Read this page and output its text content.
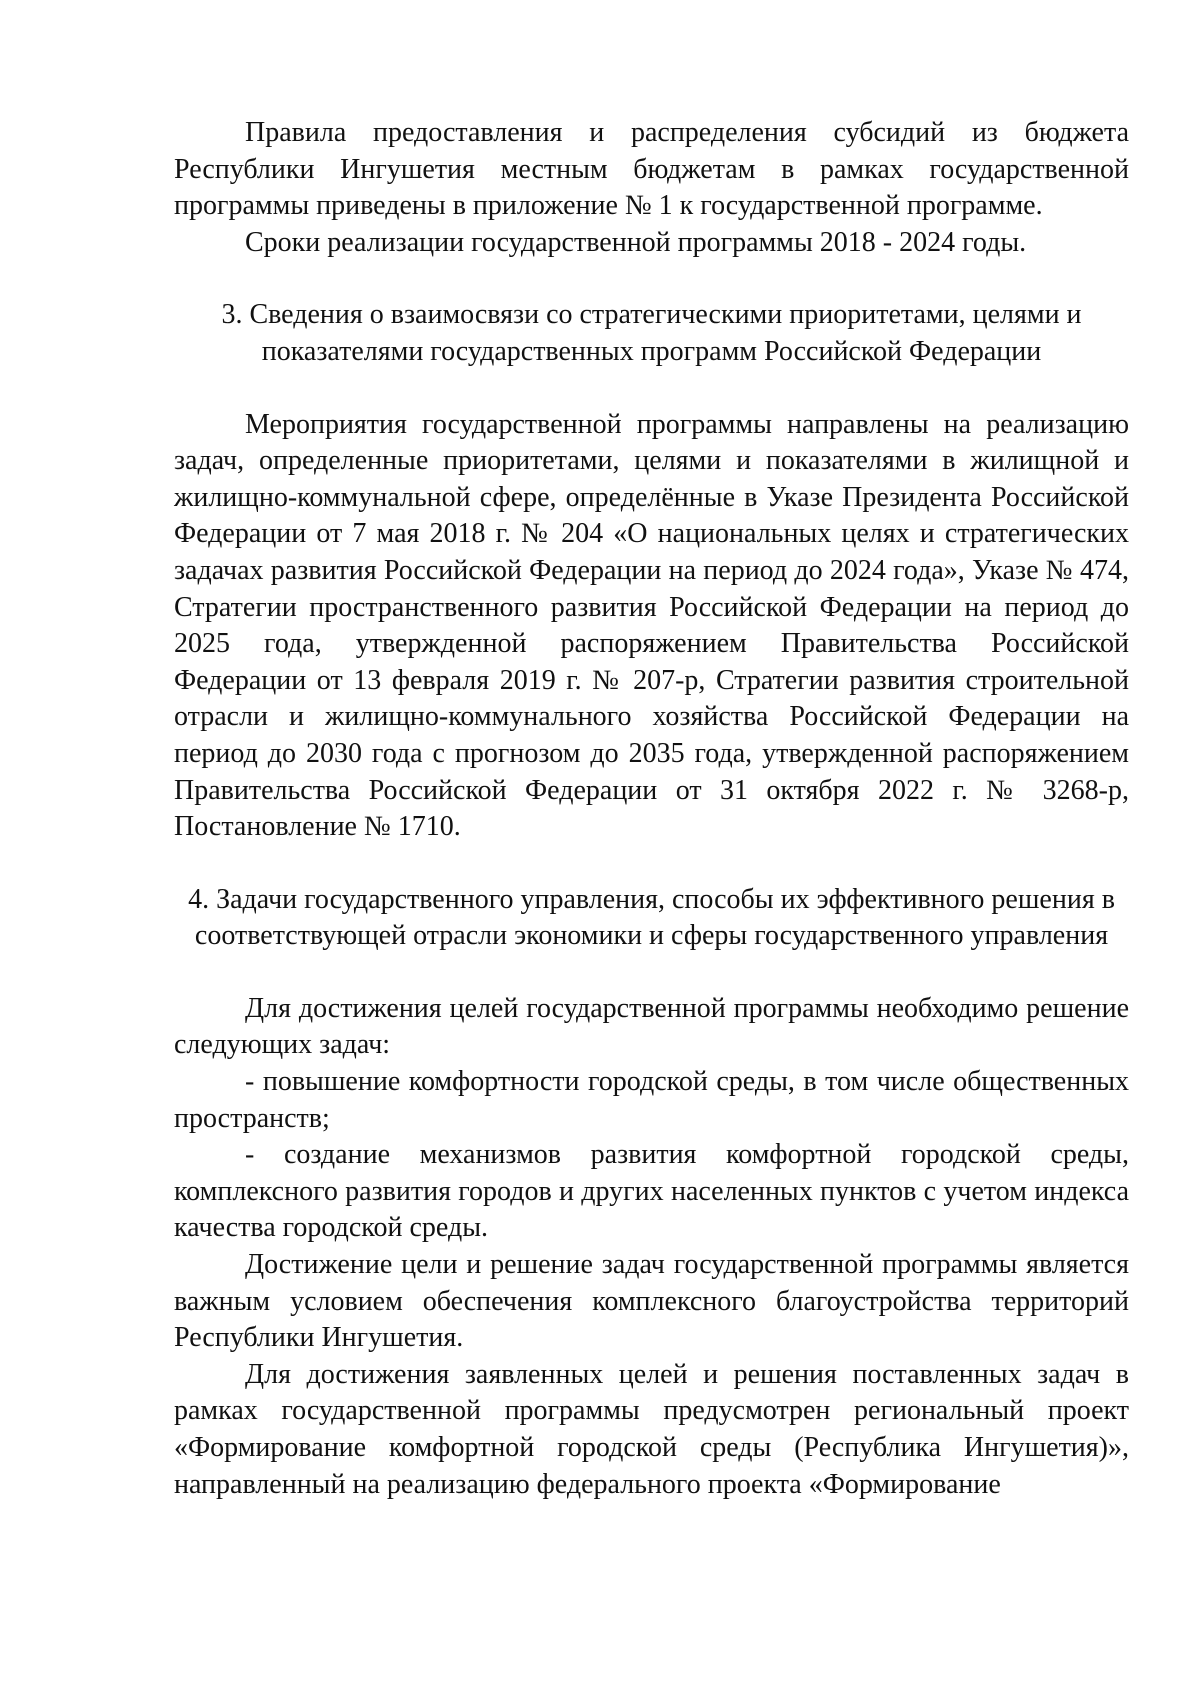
Правила предоставления и распределения субсидий из бюджета Республики Ингушетия местным бюджетам в рамках государственной программы приведены в приложение № 1 к государственной программе.

Сроки реализации государственной программы 2018 - 2024 годы.

3. Сведения о взаимосвязи со стратегическими приоритетами, целями и
показателями государственных программ Российской Федерации

Мероприятия государственной программы направлены на реализацию задач, определенные приоритетами, целями и показателями в жилищной и жилищно-коммунальной сфере, определённые в Указе Президента Российской Федерации от 7 мая 2018 г. № 204 «О национальных целях и стратегических задачах развития Российской Федерации на период до 2024 года», Указе № 474, Стратегии пространственного развития Российской Федерации на период до 2025 года, утвержденной распоряжением Правительства Российской Федерации от 13 февраля 2019 г. № 207-р, Стратегии развития строительной отрасли и жилищно-коммунального хозяйства Российской Федерации на период до 2030 года с прогнозом до 2035 года, утвержденной распоряжением Правительства Российской Федерации от 31 октября 2022 г. № 3268-р, Постановление № 1710.

4. Задачи государственного управления, способы их эффективного решения в
соответствующей отрасли экономики и сферы государственного управления

Для достижения целей государственной программы необходимо решение следующих задач:

- повышение комфортности городской среды, в том числе общественных пространств;

- создание механизмов развития комфортной городской среды, комплексного развития городов и других населенных пунктов с учетом индекса качества городской среды.

Достижение цели и решение задач государственной программы является важным условием обеспечения комплексного благоустройства территорий Республики Ингушетия.

Для достижения заявленных целей и решения поставленных задач в рамках государственной программы предусмотрен региональный проект «Формирование комфортной городской среды (Республика Ингушетия)», направленный на реализацию федерального проекта «Формирование
